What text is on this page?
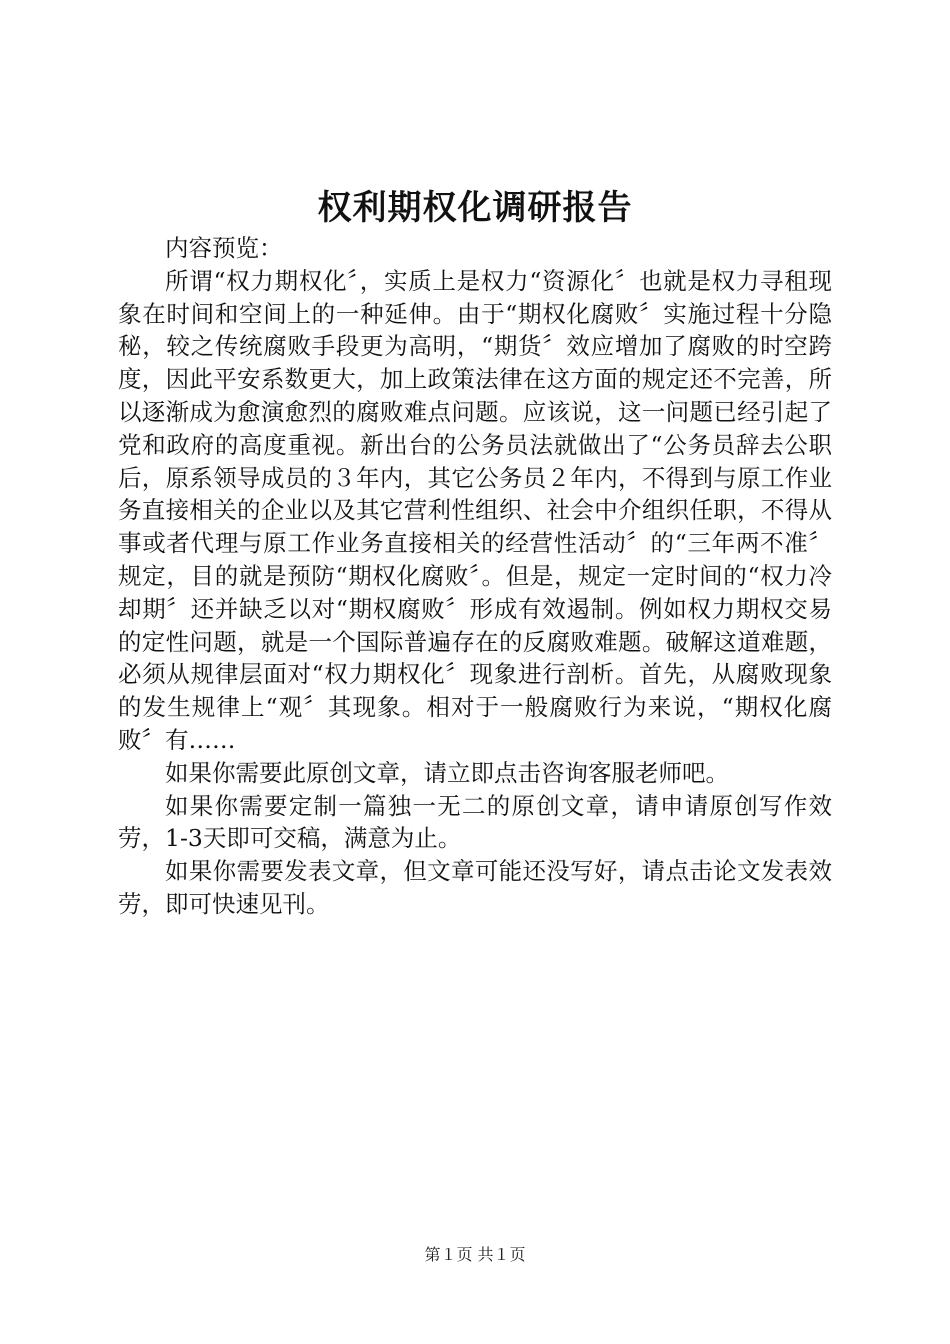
权利期权化调研报告

内容预览：

所谓“权力期权化〞，实质上是权力“资源化〞也就是权力寻租现象在时间和空间上的一种延伸。由于“期权化腐败〞实施过程十分隐秘，较之传统腐败手段更为高明，“期货〞效应增加了腐败的时空跨度，因此平安系数更大，加上政策法律在这方面的规定还不完善，所以逐渐成为愈演愈烈的腐败难点问题。应该说，这一问题已经引起了党和政府的高度重视。新出台的公务员法就做出了“公务员辞去公职后，原系领导成员的３年内，其它公务员２年内，不得到与原工作业务直接相关的企业以及其它营利性组织、社会中介组织任职，不得从事或者代理与原工作业务直接相关的经营性活动〞的“三年两不准〞规定，目的就是预防“期权化腐败〞。但是，规定一定时间的“权力冷却期〞还并缺乏以对“期权腐败〞形成有效遏制。例如权力期权交易的定性问题，就是一个国际普遍存在的反腐败难题。破解这道难题，必须从规律层面对“权力期权化〞现象进行剖析。首先，从腐败现象的发生规律上“观〞其现象。相对于一般腐败行为来说，“期权化腐败〞有……

如果你需要此原创文章，请立即点击咨询客服老师吧。

如果你需要定制一篇独一无二的原创文章，请申请原创写作效劳，1-3天即可交稿，满意为止。

如果你需要发表文章，但文章可能还没写好，请点击论文发表效劳，即可快速见刊。

第１页 共１页
